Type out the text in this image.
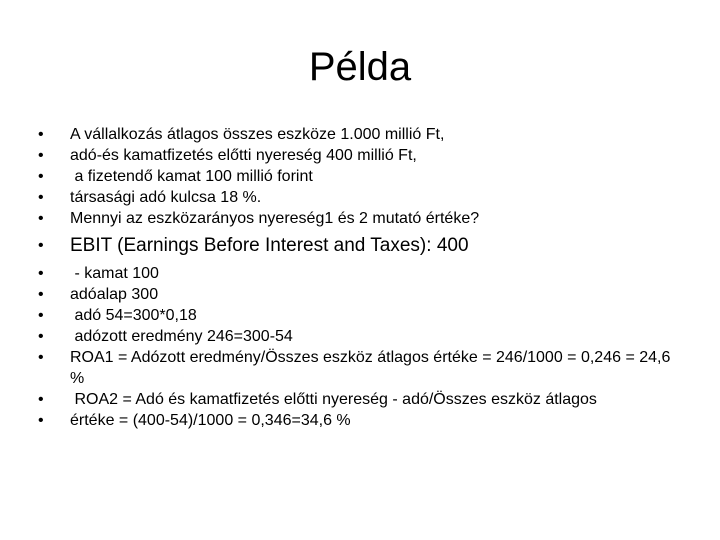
Példa
•	A vállalkozás átlagos összes eszköze 1.000 millió Ft,
•	adó-és kamatfizetés előtti nyereség 400 millió Ft,
•	a fizetendő kamat 100 millió forint
•	társasági adó kulcsa 18 %.
•	Mennyi az eszközarányos nyereség1 és 2 mutató értéke?
•	EBIT (Earnings Before Interest and Taxes): 400
•	- kamat 100
•	adóalap 300
•	adó 54=300*0,18
•	adózott eredmény 246=300-54
•	ROA1 = Adózott eredmény/Összes eszköz átlagos értéke = 246/1000 = 0,246 = 24,6 %
•	ROA2 = Adó és kamatfizetés előtti nyereség - adó/Összes eszköz átlagos
•	értéke = (400-54)/1000 = 0,346=34,6 %
